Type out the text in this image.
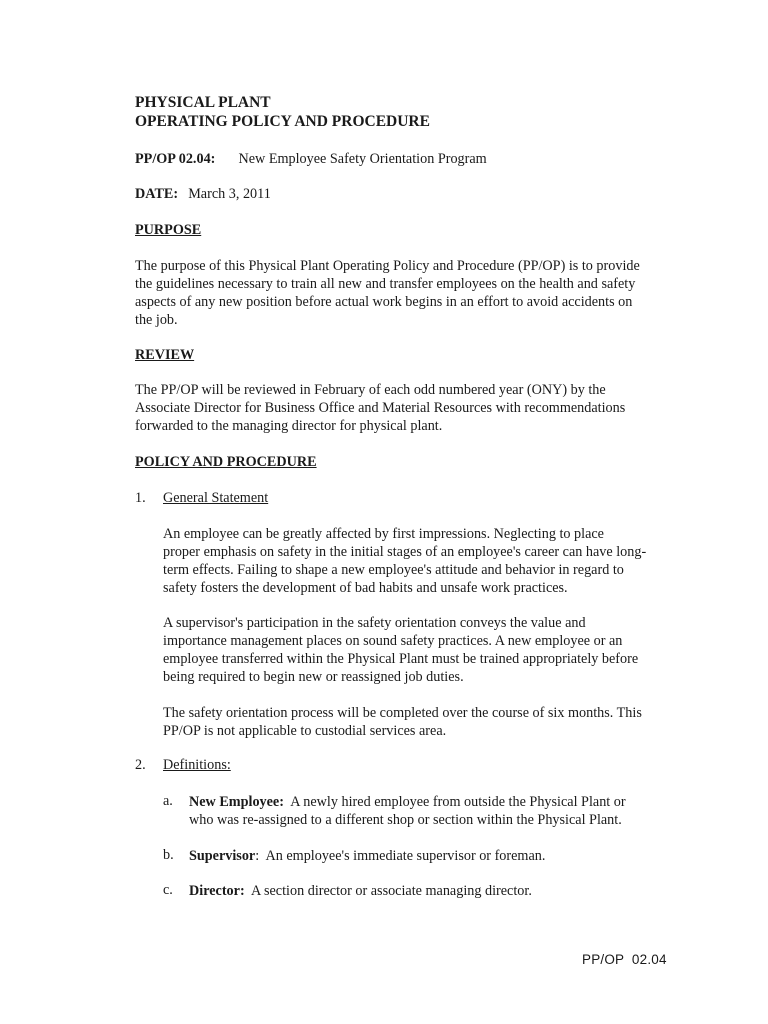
PHYSICAL PLANT
OPERATING POLICY AND PROCEDURE
PP/OP 02.04: New Employee Safety Orientation Program
DATE: March 3, 2011
PURPOSE
The purpose of this Physical Plant Operating Policy and Procedure (PP/OP) is to provide
the guidelines necessary to train all new and transfer employees on the health and safety
aspects of any new position before actual work begins in an effort to avoid accidents on
the job.
REVIEW
The PP/OP will be reviewed in February of each odd numbered year (ONY) by the
Associate Director for Business Office and Material Resources with recommendations
forwarded to the managing director for physical plant.
POLICY AND PROCEDURE
1. General Statement
An employee can be greatly affected by first impressions. Neglecting to place
proper emphasis on safety in the initial stages of an employee's career can have long-
term effects. Failing to shape a new employee's attitude and behavior in regard to
safety fosters the development of bad habits and unsafe work practices.
A supervisor's participation in the safety orientation conveys the value and
importance management places on sound safety practices. A new employee or an
employee transferred within the Physical Plant must be trained appropriately before
being required to begin new or reassigned job duties.
The safety orientation process will be completed over the course of six months. This
PP/OP is not applicable to custodial services area.
2. Definitions:
a. New Employee:  A newly hired employee from outside the Physical Plant or
who was re-assigned to a different shop or section within the Physical Plant.
b. Supervisor:  An employee's immediate supervisor or foreman.
c. Director:  A section director or associate managing director.
PP/OP  02.04
